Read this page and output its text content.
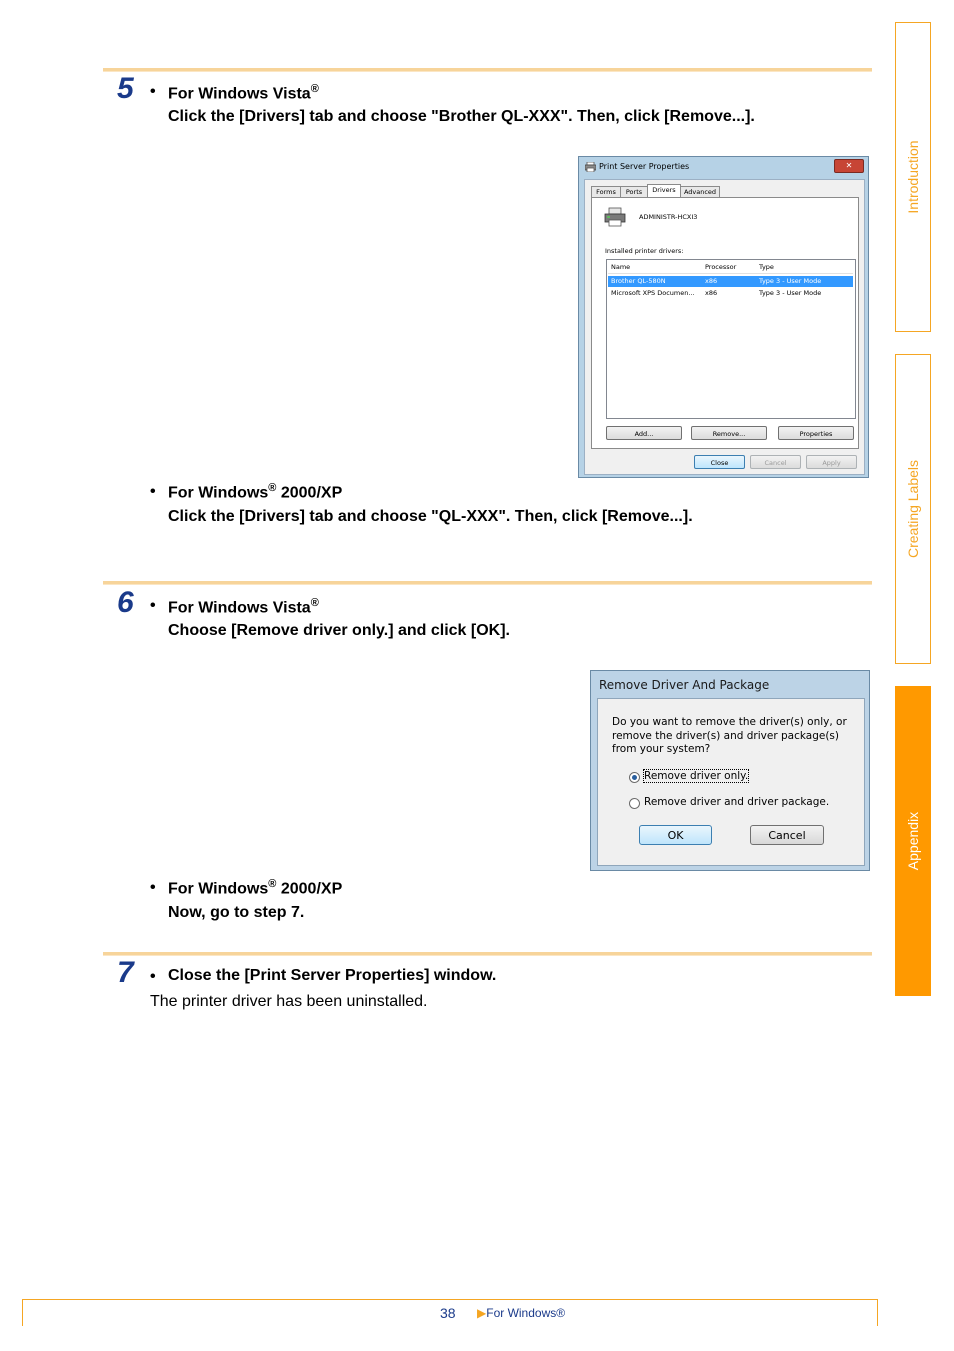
Introduction
Creating Labels
Appendix
5 • For Windows Vista®
Click the [Drivers] tab and choose "Brother QL-XXX". Then, click [Remove...].
Print Server Properties	✕
Forms	Ports	Drivers	Advanced
ADMINISTR-HCXI3
Installed printer drivers:
Name	Processor	Type
Brother QL-580N	x86	Type 3 - User Mode
Microsoft XPS Documen... x86	Type 3 - User Mode
Add...	Remove...	Properties
Close	Cancel	Apply
• For Windows® 2000/XP
Click the [Drivers] tab and choose "QL-XXX". Then, click [Remove...].
6 • For Windows Vista®
Choose [Remove driver only.] and click [OK].
Remove Driver And Package
Do you want to remove the driver(s) only, or remove the driver(s) and driver package(s) from your system?
Remove driver only.
Remove driver and driver package.
OK	Cancel
• For Windows® 2000/XP
Now, go to step 7.
7 • Close the [Print Server Properties] window.
The printer driver has been uninstalled.
38 ▶For Windows®
